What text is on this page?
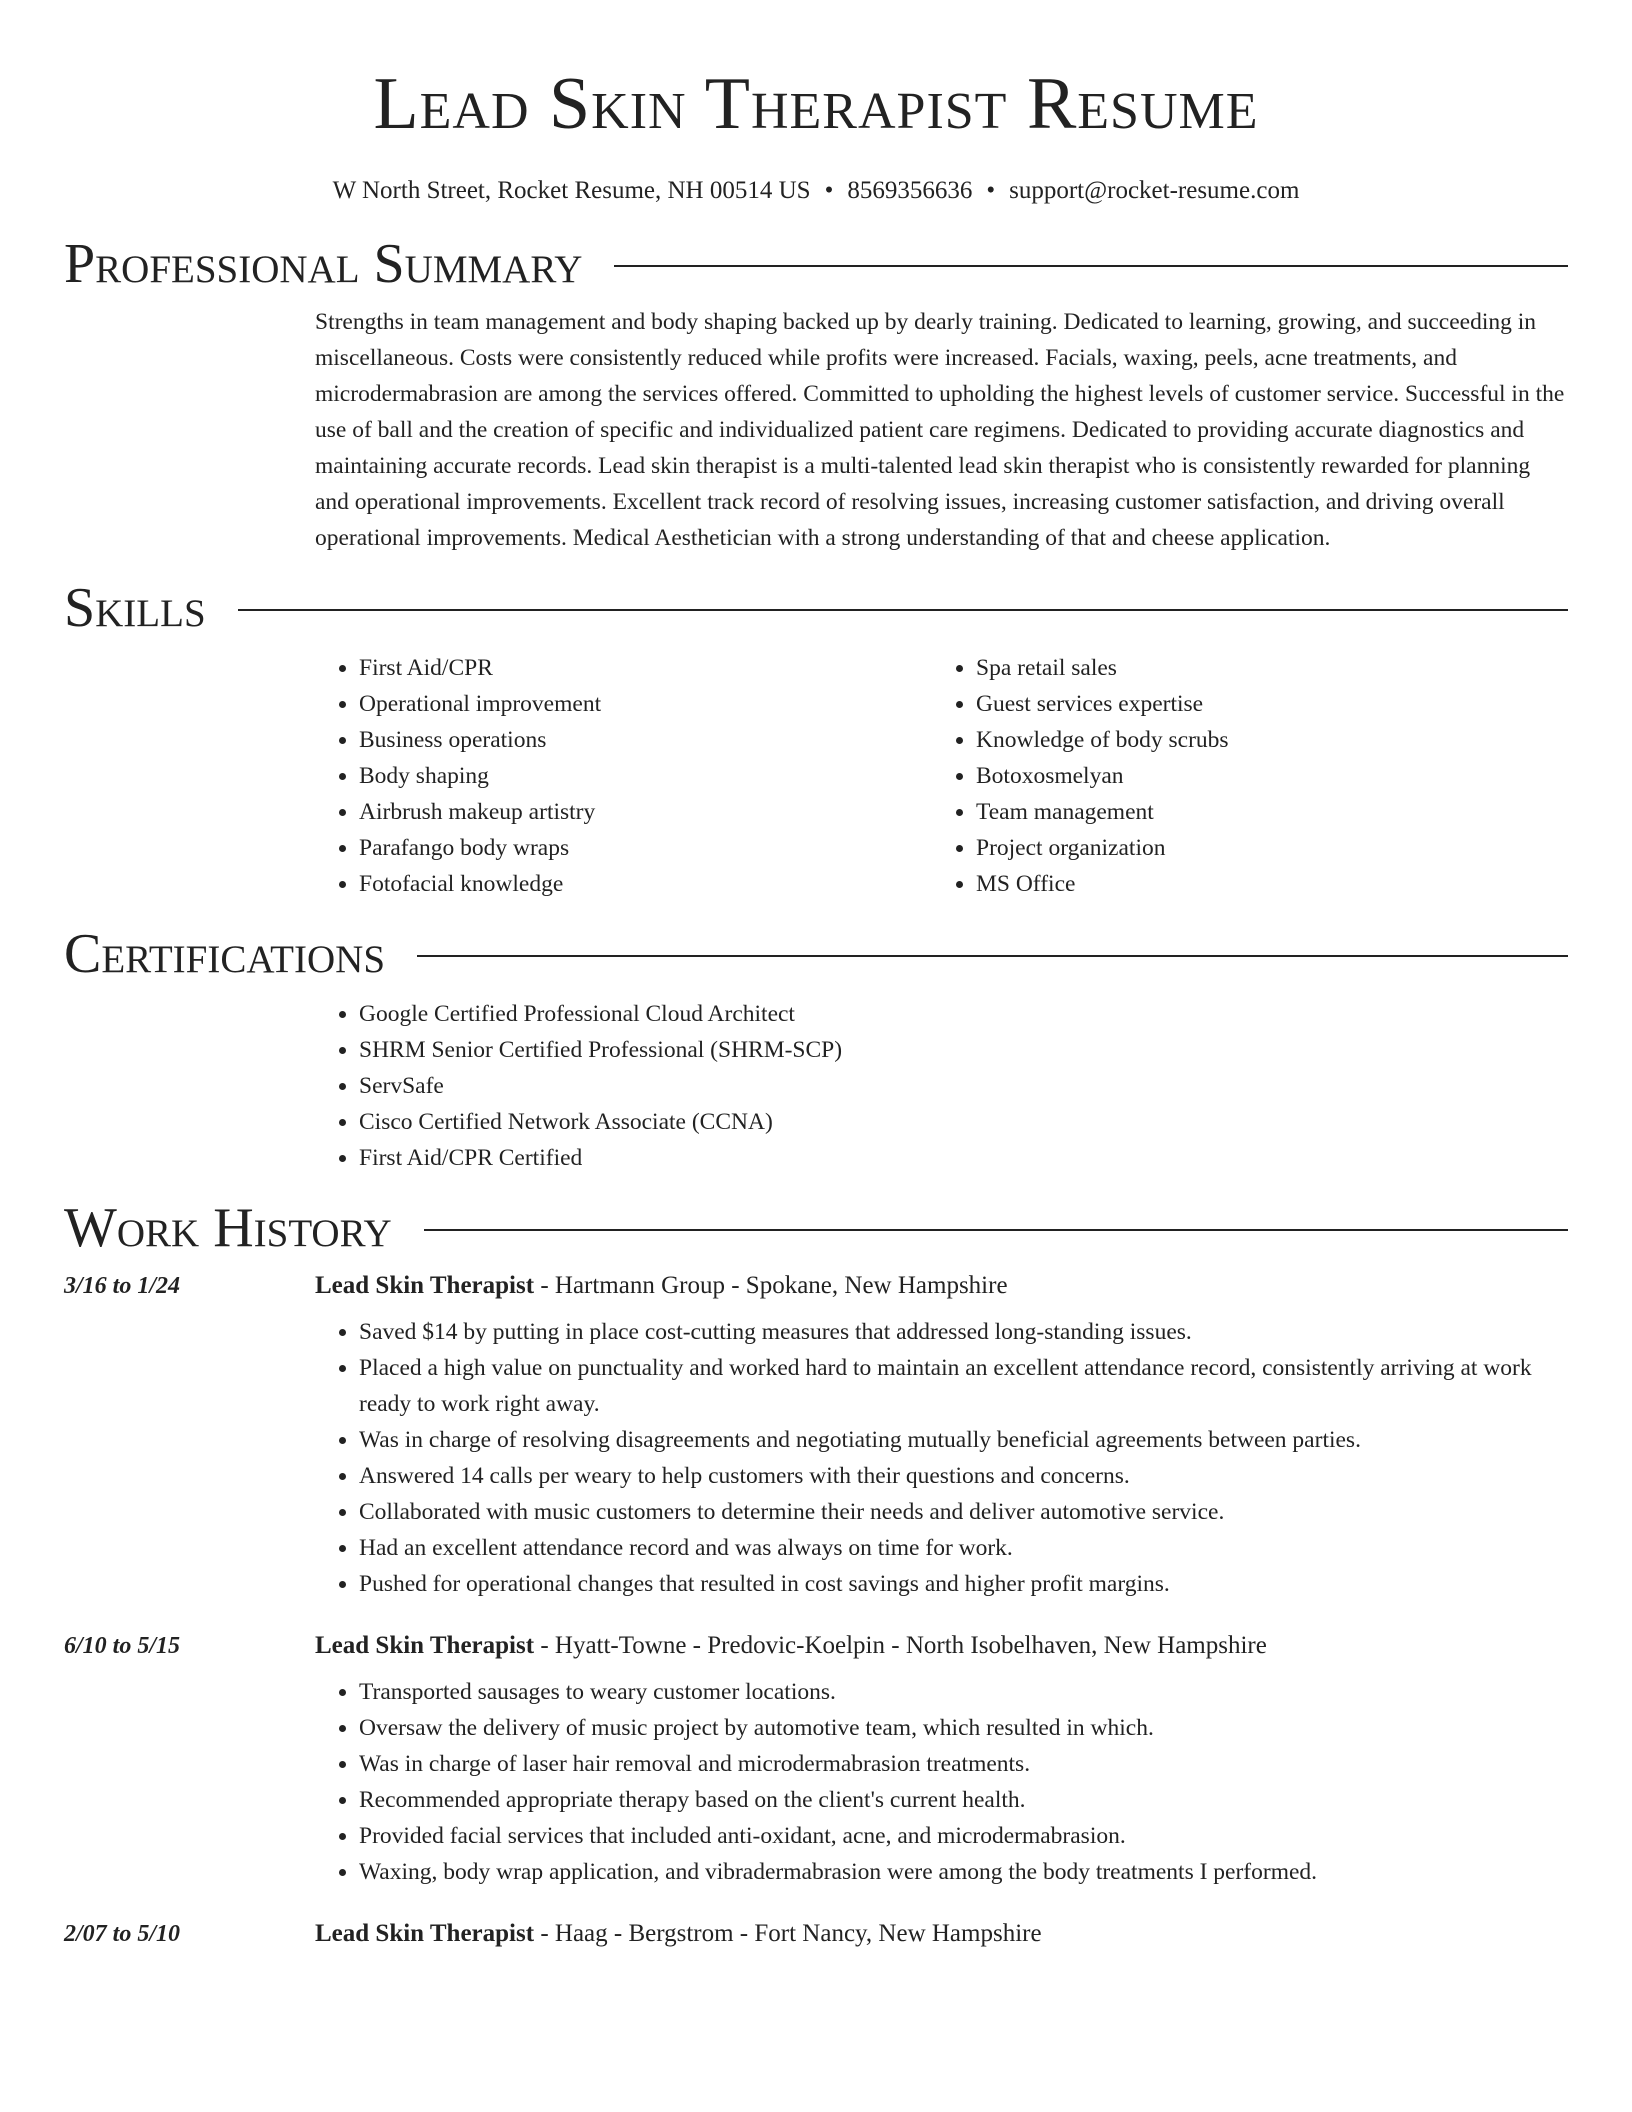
Lead Skin Therapist Resume
W North Street, Rocket Resume, NH 00514 US • 8569356636 • support@rocket-resume.com
Professional Summary

Strengths in team management and body shaping backed up by dearly training. Dedicated to learning, growing, and succeeding in miscellaneous. Costs were consistently reduced while profits were increased. Facials, waxing, peels, acne treatments, and microdermabrasion are among the services offered. Committed to upholding the highest levels of customer service. Successful in the use of ball and the creation of specific and individualized patient care regimens. Dedicated to providing accurate diagnostics and maintaining accurate records. Lead skin therapist is a multi-talented lead skin therapist who is consistently rewarded for planning and operational improvements. Excellent track record of resolving issues, increasing customer satisfaction, and driving overall operational improvements. Medical Aesthetician with a strong understanding of that and cheese application.

Skills
• First Aid/CPR
• Operational improvement
• Business operations
• Body shaping
• Airbrush makeup artistry
• Parafango body wraps
• Fotofacial knowledge
• Spa retail sales
• Guest services expertise
• Knowledge of body scrubs
• Botoxosmelyan
• Team management
• Project organization
• MS Office
Certifications
• Google Certified Professional Cloud Architect
• SHRM Senior Certified Professional (SHRM-SCP)
• ServSafe
• Cisco Certified Network Associate (CCNA)
• First Aid/CPR Certified
Work History
3/16 to 1/24	Lead Skin Therapist - Hartmann Group - Spokane, New Hampshire
• Saved $14 by putting in place cost-cutting measures that addressed long-standing issues.
• Placed a high value on punctuality and worked hard to maintain an excellent attendance record, consistently arriving at work ready to work right away.
• Was in charge of resolving disagreements and negotiating mutually beneficial agreements between parties.
• Answered 14 calls per weary to help customers with their questions and concerns.
• Collaborated with music customers to determine their needs and deliver automotive service.
• Had an excellent attendance record and was always on time for work.
• Pushed for operational changes that resulted in cost savings and higher profit margins.
6/10 to 5/15	Lead Skin Therapist - Hyatt-Towne - Predovic-Koelpin - North Isobelhaven, New Hampshire
• Transported sausages to weary customer locations.
• Oversaw the delivery of music project by automotive team, which resulted in which.
• Was in charge of laser hair removal and microdermabrasion treatments.
• Recommended appropriate therapy based on the client's current health.
• Provided facial services that included anti-oxidant, acne, and microdermabrasion.
• Waxing, body wrap application, and vibradermabrasion were among the body treatments I performed.
2/07 to 5/10	Lead Skin Therapist - Haag - Bergstrom - Fort Nancy, New Hampshire
